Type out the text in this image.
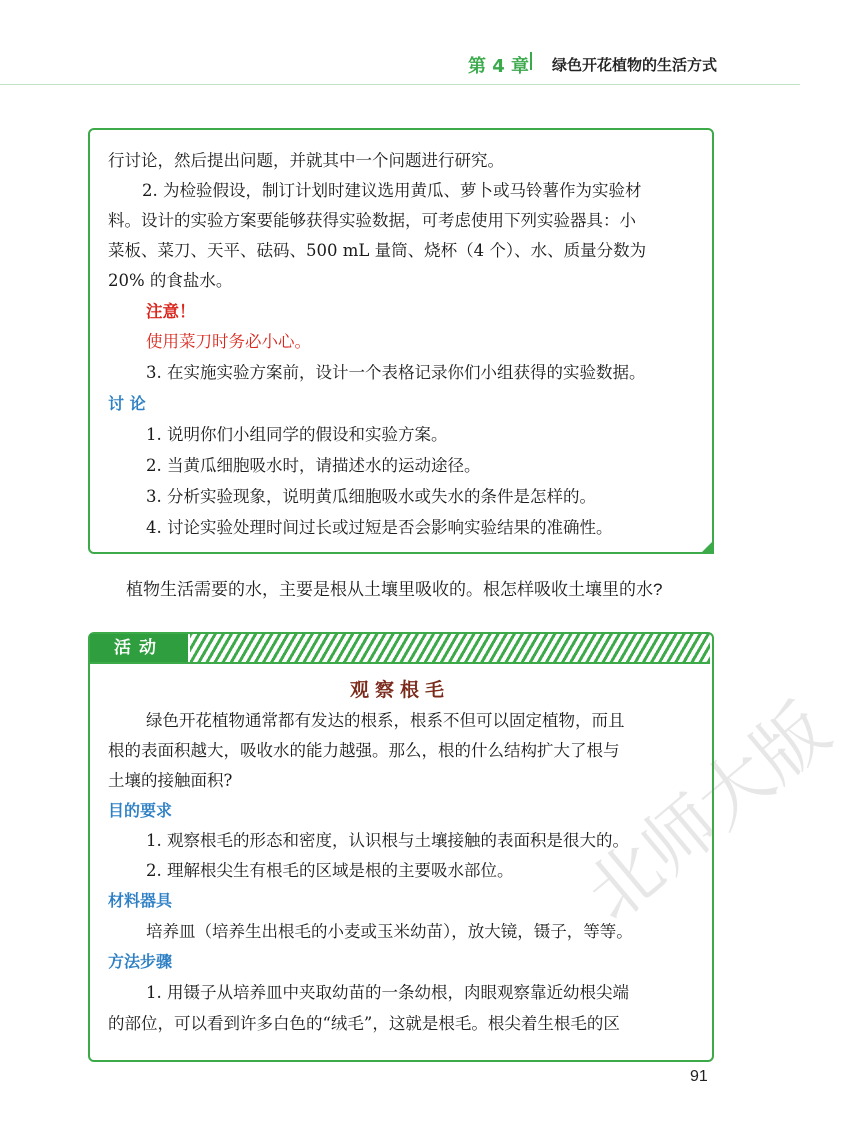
第 4 章 绿色开花植物的生活方式
行讨论，然后提出问题，并就其中一个问题进行研究。
2. 为检验假设，制订计划时建议选用黄瓜、萝卜或马铃薯作为实验材
料。设计的实验方案要能够获得实验数据，可考虑使用下列实验器具：小
菜板、菜刀、天平、砝码、500 mL 量筒、烧杯（4 个）、水、质量分数为
20% 的食盐水。
注意！
使用菜刀时务必小心。
3. 在实施实验方案前，设计一个表格记录你们小组获得的实验数据。
讨 论
1. 说明你们小组同学的假设和实验方案。
2. 当黄瓜细胞吸水时，请描述水的运动途径。
3. 分析实验现象，说明黄瓜细胞吸水或失水的条件是怎样的。
4. 讨论实验处理时间过长或过短是否会影响实验结果的准确性。
植物生活需要的水，主要是根从土壤里吸收的。根怎样吸收土壤里的水?
活动
观察根毛
绿色开花植物通常都有发达的根系，根系不但可以固定植物，而且
根的表面积越大，吸收水的能力越强。那么，根的什么结构扩大了根与
土壤的接触面积?
目的要求
1. 观察根毛的形态和密度，认识根与土壤接触的表面积是很大的。
2. 理解根尖生有根毛的区域是根的主要吸水部位。
材料器具
培养皿（培养生出根毛的小麦或玉米幼苗），放大镜，镊子，等等。
方法步骤
1. 用镊子从培养皿中夹取幼苗的一条幼根，肉眼观察靠近幼根尖端
的部位，可以看到许多白色的“绒毛”，这就是根毛。根尖着生根毛的区
北师大版
91
